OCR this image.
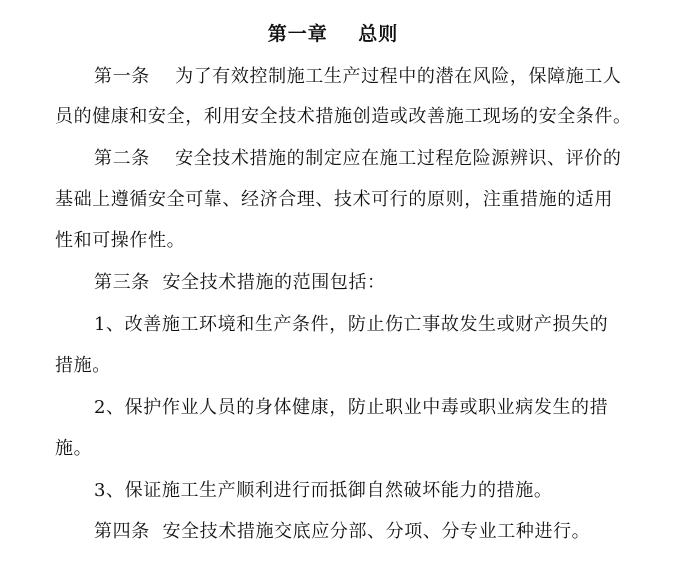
第一章    总则
第一条    为了有效控制施工生产过程中的潜在风险，保障施工人
员的健康和安全，利用安全技术措施创造或改善施工现场的安全条件。
第二条    安全技术措施的制定应在施工过程危险源辨识、评价的
基础上遵循安全可靠、经济合理、技术可行的原则，注重措施的适用
性和可操作性。
第三条  安全技术措施的范围包括：
1、改善施工环境和生产条件，防止伤亡事故发生或财产损失的
措施。
2、保护作业人员的身体健康，防止职业中毒或职业病发生的措
施。
3、保证施工生产顺利进行而抵御自然破坏能力的措施。
第四条  安全技术措施交底应分部、分项、分专业工种进行。
